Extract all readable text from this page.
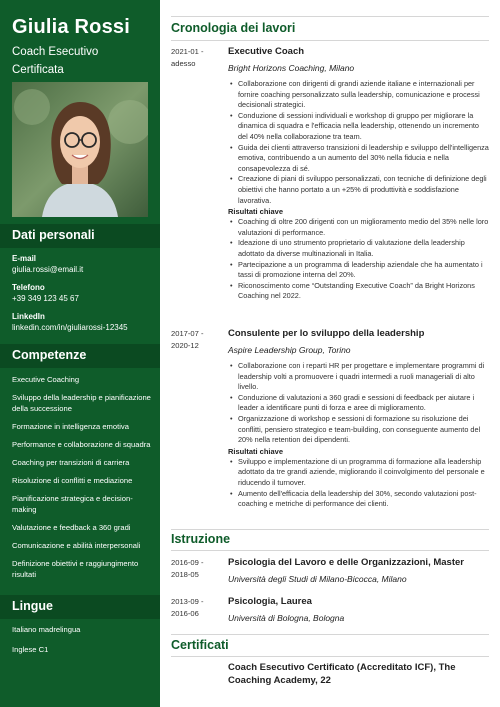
Giulia Rossi
Coach Esecutivo Certificata
Dati personali
E-mail
giulia.rossi@email.it
Telefono
+39 349 123 45 67
LinkedIn
linkedin.com/in/giuliarossi-12345
Competenze
Executive Coaching
Sviluppo della leadership e pianificazione della successione
Formazione in intelligenza emotiva
Performance e collaborazione di squadra
Coaching per transizioni di carriera
Risoluzione di conflitti e mediazione
Pianificazione strategica e decision-making
Valutazione e feedback a 360 gradi
Comunicazione e abilità interpersonali
Definizione obiettivi e raggiungimento risultati
Lingue
Italiano madrelingua
Inglese C1
Cronologia dei lavori
2021-01 - adesso
Executive Coach
Bright Horizons Coaching, Milano
• Collaborazione con dirigenti di grandi aziende italiane e internazionali per fornire coaching personalizzato sulla leadership, comunicazione e processi decisionali strategici.
• Conduzione di sessioni individuali e workshop di gruppo per migliorare la dinamica di squadra e l'efficacia nella leadership, ottenendo un incremento del 40% nella collaborazione tra team.
• Guida dei clienti attraverso transizioni di leadership e sviluppo dell'intelligenza emotiva, contribuendo a un aumento del 30% nella fiducia e nella consapevolezza di sé.
• Creazione di piani di sviluppo personalizzati, con tecniche di definizione degli obiettivi che hanno portato a un +25% di produttività e soddisfazione lavorativa.
Risultati chiave
• Coaching di oltre 200 dirigenti con un miglioramento medio del 35% nelle loro valutazioni di performance.
• Ideazione di uno strumento proprietario di valutazione della leadership adottato da diverse multinazionali in Italia.
• Partecipazione a un programma di leadership aziendale che ha aumentato i tassi di promozione interna del 20%.
• Riconoscimento come “Outstanding Executive Coach” da Bright Horizons Coaching nel 2022.
2017-07 - 2020-12
Consulente per lo sviluppo della leadership
Aspire Leadership Group, Torino
• Collaborazione con i reparti HR per progettare e implementare programmi di leadership volti a promuovere i quadri intermedi a ruoli manageriali di alto livello.
• Conduzione di valutazioni a 360 gradi e sessioni di feedback per aiutare i leader a identificare punti di forza e aree di miglioramento.
• Organizzazione di workshop e sessioni di formazione su risoluzione dei conflitti, pensiero strategico e team-building, con conseguente aumento del 20% nella retention dei dipendenti.
Risultati chiave
• Sviluppo e implementazione di un programma di formazione alla leadership adottato da tre grandi aziende, migliorando il coinvolgimento del personale e riducendo il turnover.
• Aumento dell'efficacia della leadership del 30%, secondo valutazioni post-coaching e metriche di performance dei clienti.
Istruzione
2016-09 - 2018-05
Psicologia del Lavoro e delle Organizzazioni, Master
Università degli Studi di Milano-Bicocca, Milano
2013-09 - 2016-06
Psicologia, Laurea
Università di Bologna, Bologna
Certificati
Coach Esecutivo Certificato (Accreditato ICF), The Coaching Academy, 22
